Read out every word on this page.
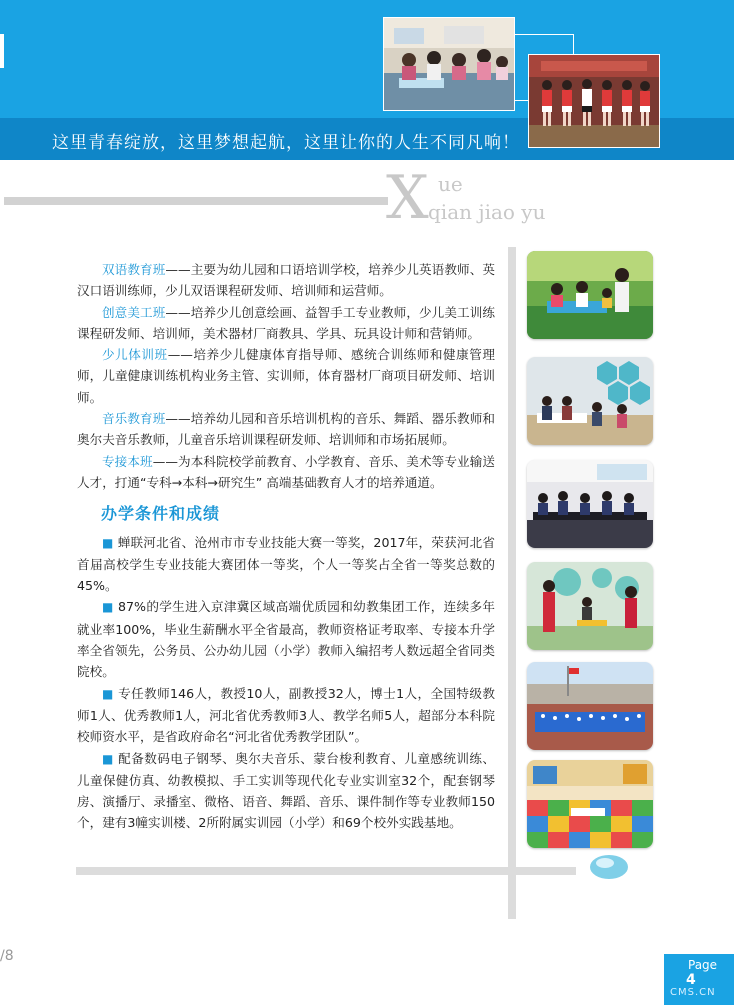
这里青春绽放，这里梦想起航，这里让你的人生不同凡响！
X ue
qian jiao yu

双语教育班——主要为幼儿园和口语培训学校，培养少儿英语教师、英汉口语训练师，少儿双语课程研发师、培训师和运营师。

创意美工班——培养少儿创意绘画、益智手工专业教师，少儿美工训练课程研发师、培训师，美术器材厂商教具、学具、玩具设计师和营销师。

少儿体训班——培养少儿健康体育指导师、感统合训练师和健康管理师，儿童健康训练机构业务主管、实训师，体育器材厂商项目研发师、培训师。

音乐教育班——培养幼儿园和音乐培训机构的音乐、舞蹈、器乐教师和奥尔夫音乐教师，儿童音乐培训课程研发师、培训师和市场拓展师。

专接本班——为本科院校学前教育、小学教育、音乐、美术等专业输送人才，打通“专科→本科→研究生” 高端基础教育人才的培养通道。

办学条件和成绩

■ 蝉联河北省、沧州市市专业技能大赛一等奖，2017年，荣获河北省首届高校学生专业技能大赛团体一等奖，个人一等奖占全省一等奖总数的45%。

■ 87%的学生进入京津冀区域高端优质园和幼教集团工作，连续多年就业率100%，毕业生薪酬水平全省最高，教师资格证考取率、专接本升学率全省领先，公务员、公办幼儿园（小学）教师入编招考人数远超全省同类院校。

■ 专任教师146人，教授10人，副教授32人，博士1人，全国特级教师1人、优秀教师1人，河北省优秀教师3人、教学名师5人，超部分本科院校师资水平，是省政府命名“河北省优秀教学团队”。

■ 配备数码电子钢琴、奥尔夫音乐、蒙台梭利教育、儿童感统训练、儿童保健仿真、幼教模拟、手工实训等现代化专业实训室32个，配套钢琴房、演播厅、录播室、微格、语音、舞蹈、音乐、课件制作等专业教师150个，建有3幢实训楼、2所附属实训园（小学）和69个校外实践基地。

/8
Page
4
CMS.CN
